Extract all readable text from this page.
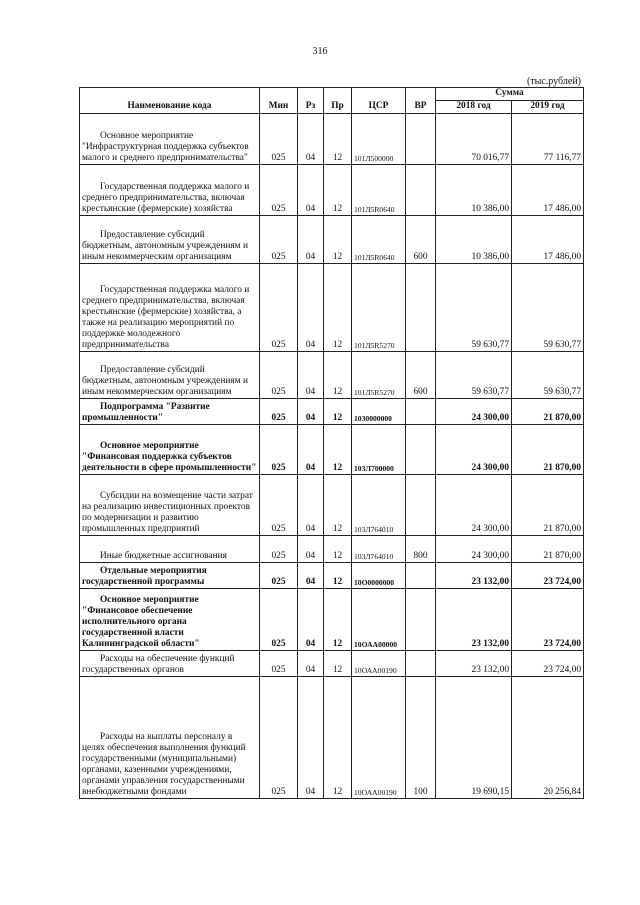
316
(тыс.рублей)
Наименование кода	Мин	Рз	Пр	ЦСР	ВР	Сумма	
						2018 год	2019 год

Основное мероприятие "Инфраструктурная поддержка субъектов малого и среднего предпринимательства"	025	04	12	101Л500000		70 016,77	77 116,77

Государственная поддержка малого и среднего предпринимательства, включая крестьянские (фермерские) хозяйства	025	04	12	101Л5R0640		10 386,00	17 486,00

Предоставление субсидий бюджетным, автономным учреждениям и иным некоммерческим организациям	025	04	12	101Л5R0640	600	10 386,00	17 486,00

Государственная поддержка малого и среднего предпринимательства, включая крестьянские (фермерские) хозяйства, а также на реализацию мероприятий по поддержке молодежного предпринимательства	025	04	12	101Л5R5270		59 630,77	59 630,77

Предоставление субсидий бюджетным, автономным учреждениям и иным некоммерческим организациям	025	04	12	101Л5R5270	600	59 630,77	59 630,77

Подпрограмма "Развитие промышленности"	025	04	12	1030000000		24 300,00	21 870,00

Основное мероприятие "Финансовая поддержка субъектов деятельности в сфере промышленности"	025	04	12	103Л700000		24 300,00	21 870,00

Субсидии на возмещение части затрат на реализацию инвестиционных проектов по модернизации и развитию промышленных предприятий	025	04	12	103Л764010		24 300,00	21 870,00

Иные бюджетные ассигнования	025	04	12	103Л764010	800	24 300,00	21 870,00

Отдельные мероприятия государственной программы	025	04	12	10О0000000		23 132,00	23 724,00

Основное мероприятие "Финансовое обеспечение исполнительного органа государственной власти Калининградской области"	025	04	12	10ОАА00000		23 132,00	23 724,00

Расходы на обеспечение функций государственных органов	025	04	12	10ОАА00190		23 132,00	23 724,00

Расходы на выплаты персоналу в целях обеспечения выполнения функций государственными (муниципальными) органами, казенными учреждениями, органами управления государственными внебюджетными фондами	025	04	12	10ОАА00190	100	19 690,15	20 256,84
